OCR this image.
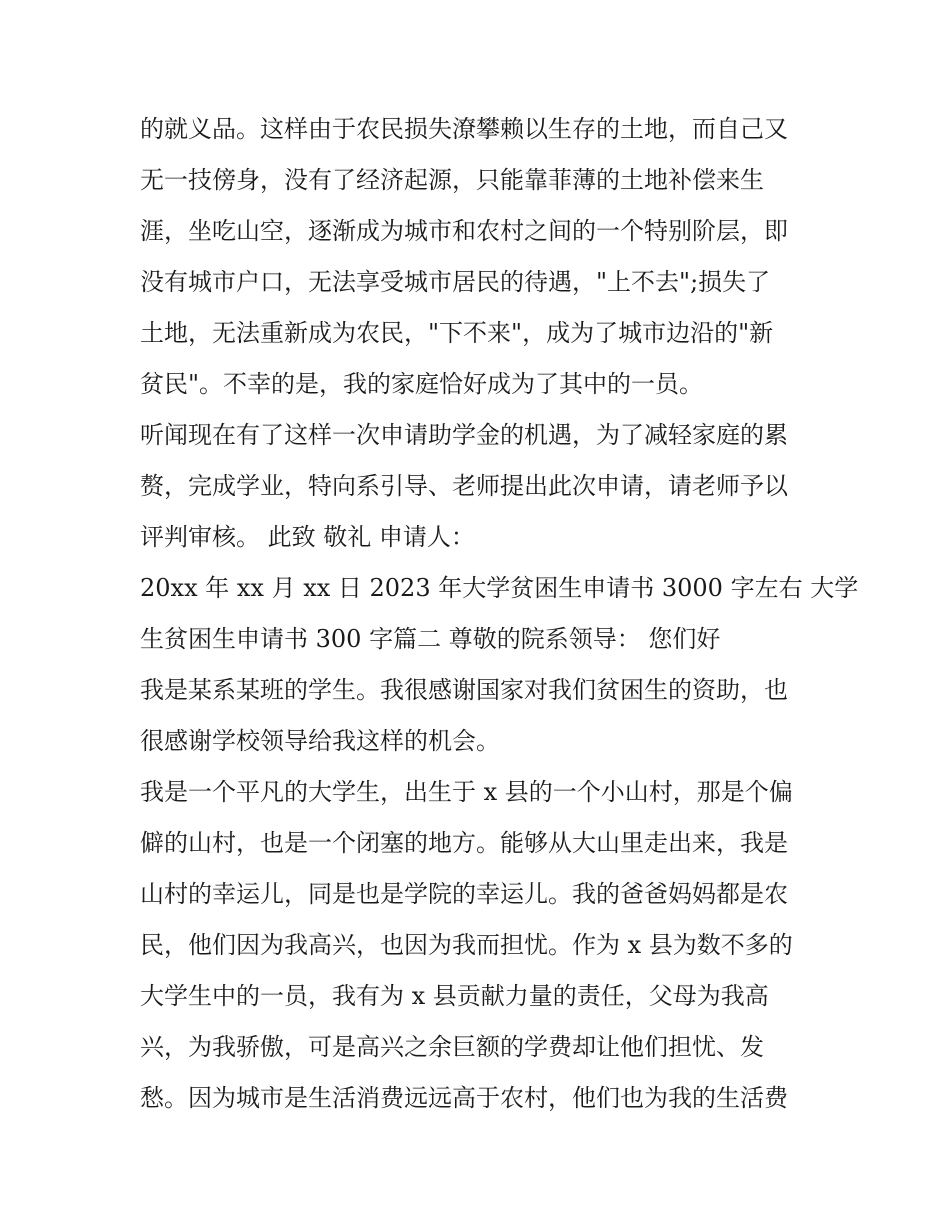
的就义品。这样由于农民损失潦攀赖以生存的土地，而自己又
无一技傍身，没有了经济起源，只能靠菲薄的土地补偿来生
涯，坐吃山空，逐渐成为城市和农村之间的一个特别阶层，即
没有城市户口，无法享受城市居民的待遇，"上不去";损失了
土地，无法重新成为农民，"下不来"，成为了城市边沿的"新
贫民"。不幸的是，我的家庭恰好成为了其中的一员。
听闻现在有了这样一次申请助学金的机遇，为了减轻家庭的累
赘，完成学业，特向系引导、老师提出此次申请，请老师予以
评判审核。 此致 敬礼 申请人：
20xx 年 xx 月 xx 日 2023 年大学贫困生申请书 3000 字左右 大学
生贫困生申请书 300 字篇二 尊敬的院系领导： 您们好
我是某系某班的学生。我很感谢国家对我们贫困生的资助，也
很感谢学校领导给我这样的机会。
我是一个平凡的大学生，出生于 x 县的一个小山村，那是个偏
僻的山村，也是一个闭塞的地方。能够从大山里走出来，我是
山村的幸运儿，同是也是学院的幸运儿。我的爸爸妈妈都是农
民，他们因为我高兴，也因为我而担忧。作为 x 县为数不多的
大学生中的一员，我有为 x 县贡献力量的责任，父母为我高
兴，为我骄傲，可是高兴之余巨额的学费却让他们担忧、发
愁。因为城市是生活消费远远高于农村，他们也为我的生活费
